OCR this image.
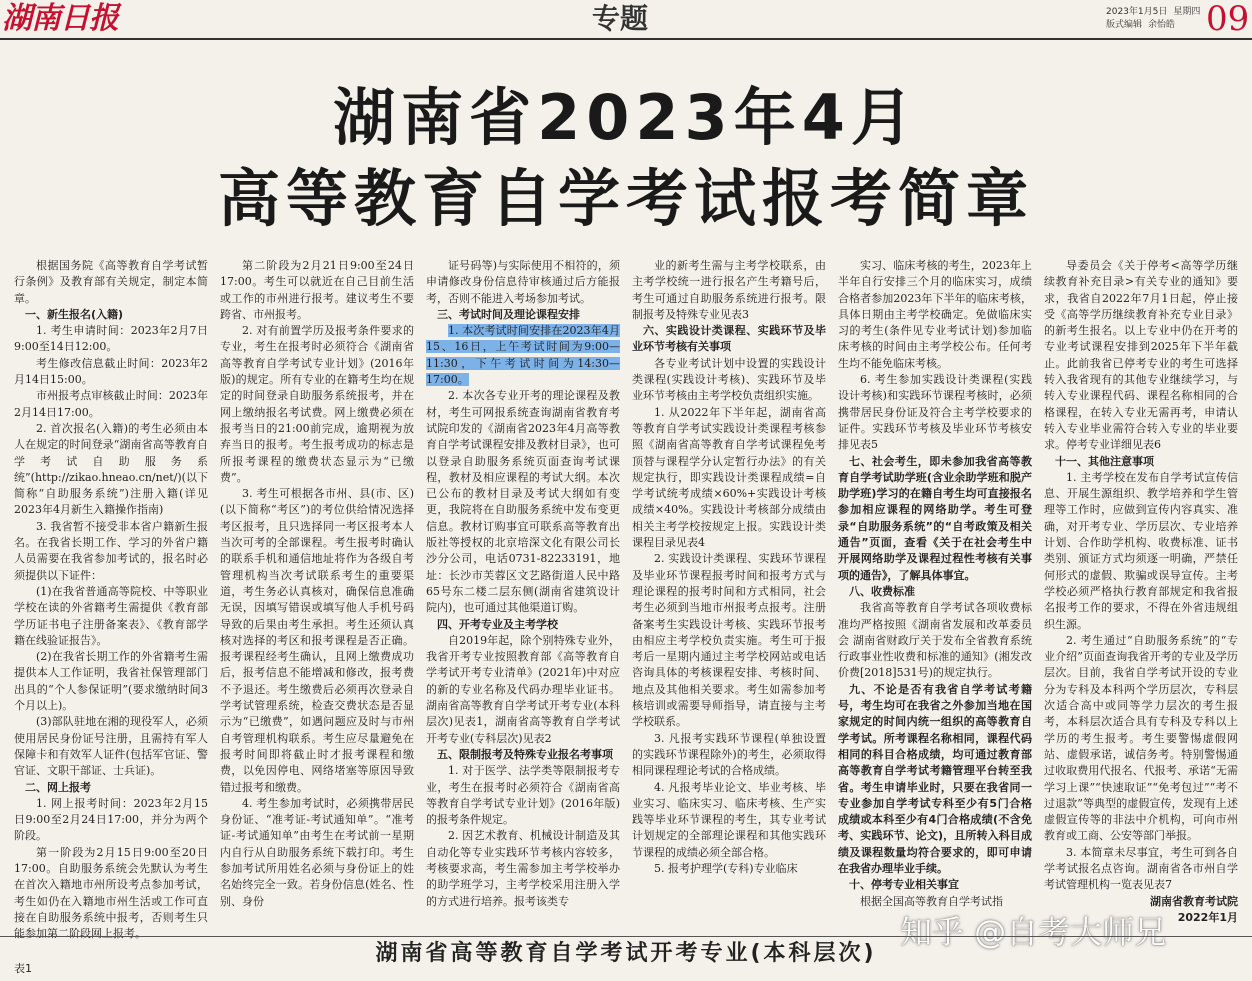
湖南日报	专题	2023年1月5日 星期四
版式编辑 余怡皓 09
湖南省2023年4月
高等教育自学考试报考简章

根据国务院《高等教育自学考试暂行条例》及教育部有关规定，制定本简章。

一、新生报名(入籍)

1. 考生申请时间：2023年2月7日9:00至14日12:00。

考生修改信息截止时间：2023年2月14日15:00。

市州报考点审核截止时间：2023年2月14日17:00。

2. 首次报名(入籍)的考生必须由本人在规定的时间登录“湖南省高等教育自学考试自助服务系统”(http://zikao.hneao.cn/net/)(以下简称“自助服务系统”)注册入籍(详见2023年4月新生入籍操作指南)

3. 我省暂不接受非本省户籍新生报名。在我省长期工作、学习的外省户籍人员需要在我省参加考试的，报名时必须提供以下证件：

(1)在我省普通高等院校、中等职业学校在读的外省籍考生需提供《教育部学历证书电子注册备案表》、《教育部学籍在线验证报告》。

(2)在我省长期工作的外省籍考生需提供本人工作证明，我省社保管理部门出具的“个人参保证明”(要求缴纳时间3个月以上)。

(3)部队驻地在湘的现役军人，必须使用居民身份证号注册，且需持有军人保障卡和有效军人证件(包括军官证、警官证、文职干部证、士兵证)。

二、网上报考

1. 网上报考时间：2023年2月15日9:00至2月24日17:00，并分为两个阶段。

第一阶段为2月15日9:00至20日17:00。自助服务系统会先默认为考生在首次入籍地市州所设考点参加考试，考生如仍在入籍地市州生活或工作可直接在自助服务系统中报考，否则考生只能参加第二阶段网上报考。

第二阶段为2月21日9:00至24日17:00。考生可以就近在自己目前生活或工作的市州进行报考。建议考生不要跨省、市州报考。

2. 对有前置学历及报考条件要求的专业，考生在报考时必须符合《湖南省高等教育自学考试专业计划》(2016年版)的规定。所有专业的在籍考生均在规定的时间登录自助服务系统报考，并在网上缴纳报名考试费。网上缴费必须在报考当日的21:00前完成，逾期视为放弃当日的报考。考生报考成功的标志是所报考课程的缴费状态显示为“已缴费”。

3. 考生可根据各市州、县(市、区)(以下简称“考区”)的考位供给情况选择考区报考，且只选择同一考区报考本人当次可考的全部课程。考生报考时确认的联系手机和通信地址将作为各级自考管理机构当次考试联系考生的重要渠道，考生务必认真核对，确保信息准确无误，因填写错误或填写他人手机号码导致的后果由考生承担。考生还须认真核对选择的考区和报考课程是否正确。报考课程经考生确认，且网上缴费成功后，报考信息不能增减和修改，报考费不予退还。考生缴费后必须再次登录自学考试管理系统，检查交费状态是否显示为“已缴费”，如遇问题应及时与市州自考管理机构联系。考生应尽量避免在报考时间即将截止时才报考课程和缴费，以免因停电、网络堵塞等原因导致错过报考和缴费。

4. 考生参加考试时，必须携带居民身份证、“准考证-考试通知单”。“准考证-考试通知单”由考生在考试前一星期内自行从自助服务系统下载打印。考生参加考试所用姓名必须与身份证上的姓名始终完全一致。若身份信息(姓名、性别、身份

证号码等)与实际使用不相符的，须申请修改身份信息待审核通过后方能报考，否则不能进入考场参加考试。

三、考试时间及理论课程安排

1. 本次考试时间安排在2023年4月15、16日，上午考试时间为9:00—11:30，下午考试时间为14:30—17:00。

2. 本次各专业开考的理论课程及教材，考生可网报系统查询湖南省教育考试院印发的《湖南省2023年4月高等教育自学考试课程安排及教材目录》，也可以登录自助服务系统页面查询考试课程，教材及相应课程的考试大纲。本次已公布的教材目录及考试大纲如有变更，我院将在自助服务系统中发布变更信息。教材订购事宜可联系高等教育出版社等授权的北京培深文化有限公司长沙分公司，电话0731-82233191，地址：长沙市芙蓉区文艺路街道人民中路65号东二楼二层东侧(湖南省建筑设计院内)，也可通过其他渠道订购。

四、开考专业及主考学校

自2019年起，除个别特殊专业外，我省开考专业按照教育部《高等教育自学考试开考专业清单》(2021年)中对应的新的专业名称及代码办理毕业证书。湖南省高等教育自学考试开考专业(本科层次)见表1，湖南省高等教育自学考试开考专业(专科层次)见表2

五、限制报考及特殊专业报名考事项

1. 对于医学、法学类等限制报考专业，考生在报考时必须符合《湖南省高等教育自学考试专业计划》(2016年版)的报考条件规定。

2. 因艺术教育、机械设计制造及其自动化等专业实践环节考核内容较多，考核要求高，考生需参加主考学校举办的助学班学习，主考学校采用注册入学的方式进行培养。报考该类专

业的新考生需与主考学校联系，由主考学校统一进行报名产生考籍号后，考生可通过自助服务系统进行报考。限制报考及特殊专业见表3

六、实践设计类课程、实践环节及毕业环节考核有关事项

各专业考试计划中设置的实践设计类课程(实践设计考核)、实践环节及毕业环节考核由主考学校负责组织实施。

1. 从2022年下半年起，湖南省高等教育自学考试实践设计类课程考核参照《湖南省高等教育自学考试课程免考顶替与课程学分认定暂行办法》的有关规定执行，即实践设计类课程成绩=自学考试统考成绩×60%+实践设计考核成绩×40%。实践设计考核部分成绩由相关主考学校按规定上报。实践设计类课程目录见表4

2. 实践设计类课程、实践环节课程及毕业环节课程报考时间和报考方式与理论课程的报考时间和方式相同，社会考生必须到当地市州报考点报考。注册备案考生实践设计考核、实践环节报考由相应主考学校负责实施。考生可于报考后一星期内通过主考学校网站或电话咨询具体的考核课程安排、考核时间、地点及其他相关要求。考生如需参加考核培训或需要导师指导，请直接与主考学校联系。

3. 凡报考实践环节课程(单独设置的实践环节课程除外)的考生，必须取得相同课程理论考试的合格成绩。

4. 凡报考毕业论文、毕业考核、毕业实习、临床实习、临床考核、生产实践等毕业环节课程的考生，其专业考试计划规定的全部理论课程和其他实践环节课程的成绩必须全部合格。

5. 报考护理学(专科)专业临床

实习、临床考核的考生，2023年上半年自行安排三个月的临床实习，成绩合格者参加2023年下半年的临床考核，具体日期由主考学校确定。免做临床实习的考生(条件见专业考试计划)参加临床考核的时间由主考学校公布。任何考生均不能免临床考核。

6. 考生参加实践设计类课程(实践设计考核)和实践环节课程考核时，必须携带居民身份证及符合主考学校要求的证件。实践环节考核及毕业环节考核安排见表5

七、社会考生，即未参加我省高等教育自学考试助学班(含业余助学班和脱产助学班)学习的在籍自考生均可直接报名参加相应课程的网络助学。考生可登录“自助服务系统”的“自考政策及相关通告”页面，查看《关于在社会考生中开展网络助学及课程过程性考核有关事项的通告》，了解具体事宜。
八、收费标准

我省高等教育自学考试各项收费标准均严格按照《湖南省发展和改革委员会 湖南省财政厅关于发布全省教育系统行政事业性收费和标准的通知》(湘发改价费[2018]531号)的规定执行。

九、不论是否有我省自学考试考籍号，考生均可在我省之外参加当地在国家规定的时间内统一组织的高等教育自学考试。所考课程名称相同，课程代码相同的科目合格成绩，均可通过教育部高等教育自学考试考籍管理平台转至我省。考生申请毕业时，只要在我省同一专业参加自学考试专科至少有5门合格成绩或本科至少有4门合格成绩(不含免考、实践环节、论文)，且所转入科目成绩及课程数量均符合要求的，即可申请在我省办理毕业手续。
十、停考专业相关事宜

根据全国高等教育自学考试指

导委员会《关于停考<高等学历继续教育补充目录>有关专业的通知》要求，我省自2022年7月1日起，停止接受《高等学历继续教育补充专业目录》的新考生报名。以上专业中仍在开考的专业考试课程安排到2025年下半年截止。此前我省已停考专业的考生可选择转入我省现有的其他专业继续学习，与转入专业课程代码、课程名称相同的合格课程，在转入专业无需再考，申请认转入专业毕业需符合转入专业的毕业要求。停考专业详细见表6

十一、其他注意事项

1. 主考学校在发布自学考试宣传信息、开展生源组织、教学培养和学生管理等工作时，应做到宣传内容真实、准确，对开考专业、学历层次、专业培养计划、合作助学机构、收费标准、证书类别、颁证方式均须逐一明确，严禁任何形式的虚假、欺骗或误导宣传。主考学校必须严格执行教育部规定和我省报名报考工作的要求，不得在外省违规组织生源。

2. 考生通过“自助服务系统”的“专业介绍”页面查询我省开考的专业及学历层次。目前，我省自学考试开设的专业分为专科及本科两个学历层次，专科层次适合高中或同等学力层次的考生报考，本科层次适合具有专科及专科以上学历的考生报考。考生要警惕虚假网站、虚假承诺，诚信务考。特别警惕通过收取费用代报名、代报考、承诺“无需学习上课”“快速取证”“免考包过”“考不过退款”等典型的虚假宣传，发现有上述虚假宣传等的非法中介机构，可向市州教育或工商、公安等部门举报。

3. 本简章未尽事宜，考生可到各自学考试报名点咨询。湖南省各市州自学考试管理机构一览表见表7

湖南省教育考试院

2022年1月

知乎 @自考大师兄
湖南省高等教育自学考试开考专业(本科层次)
表1
